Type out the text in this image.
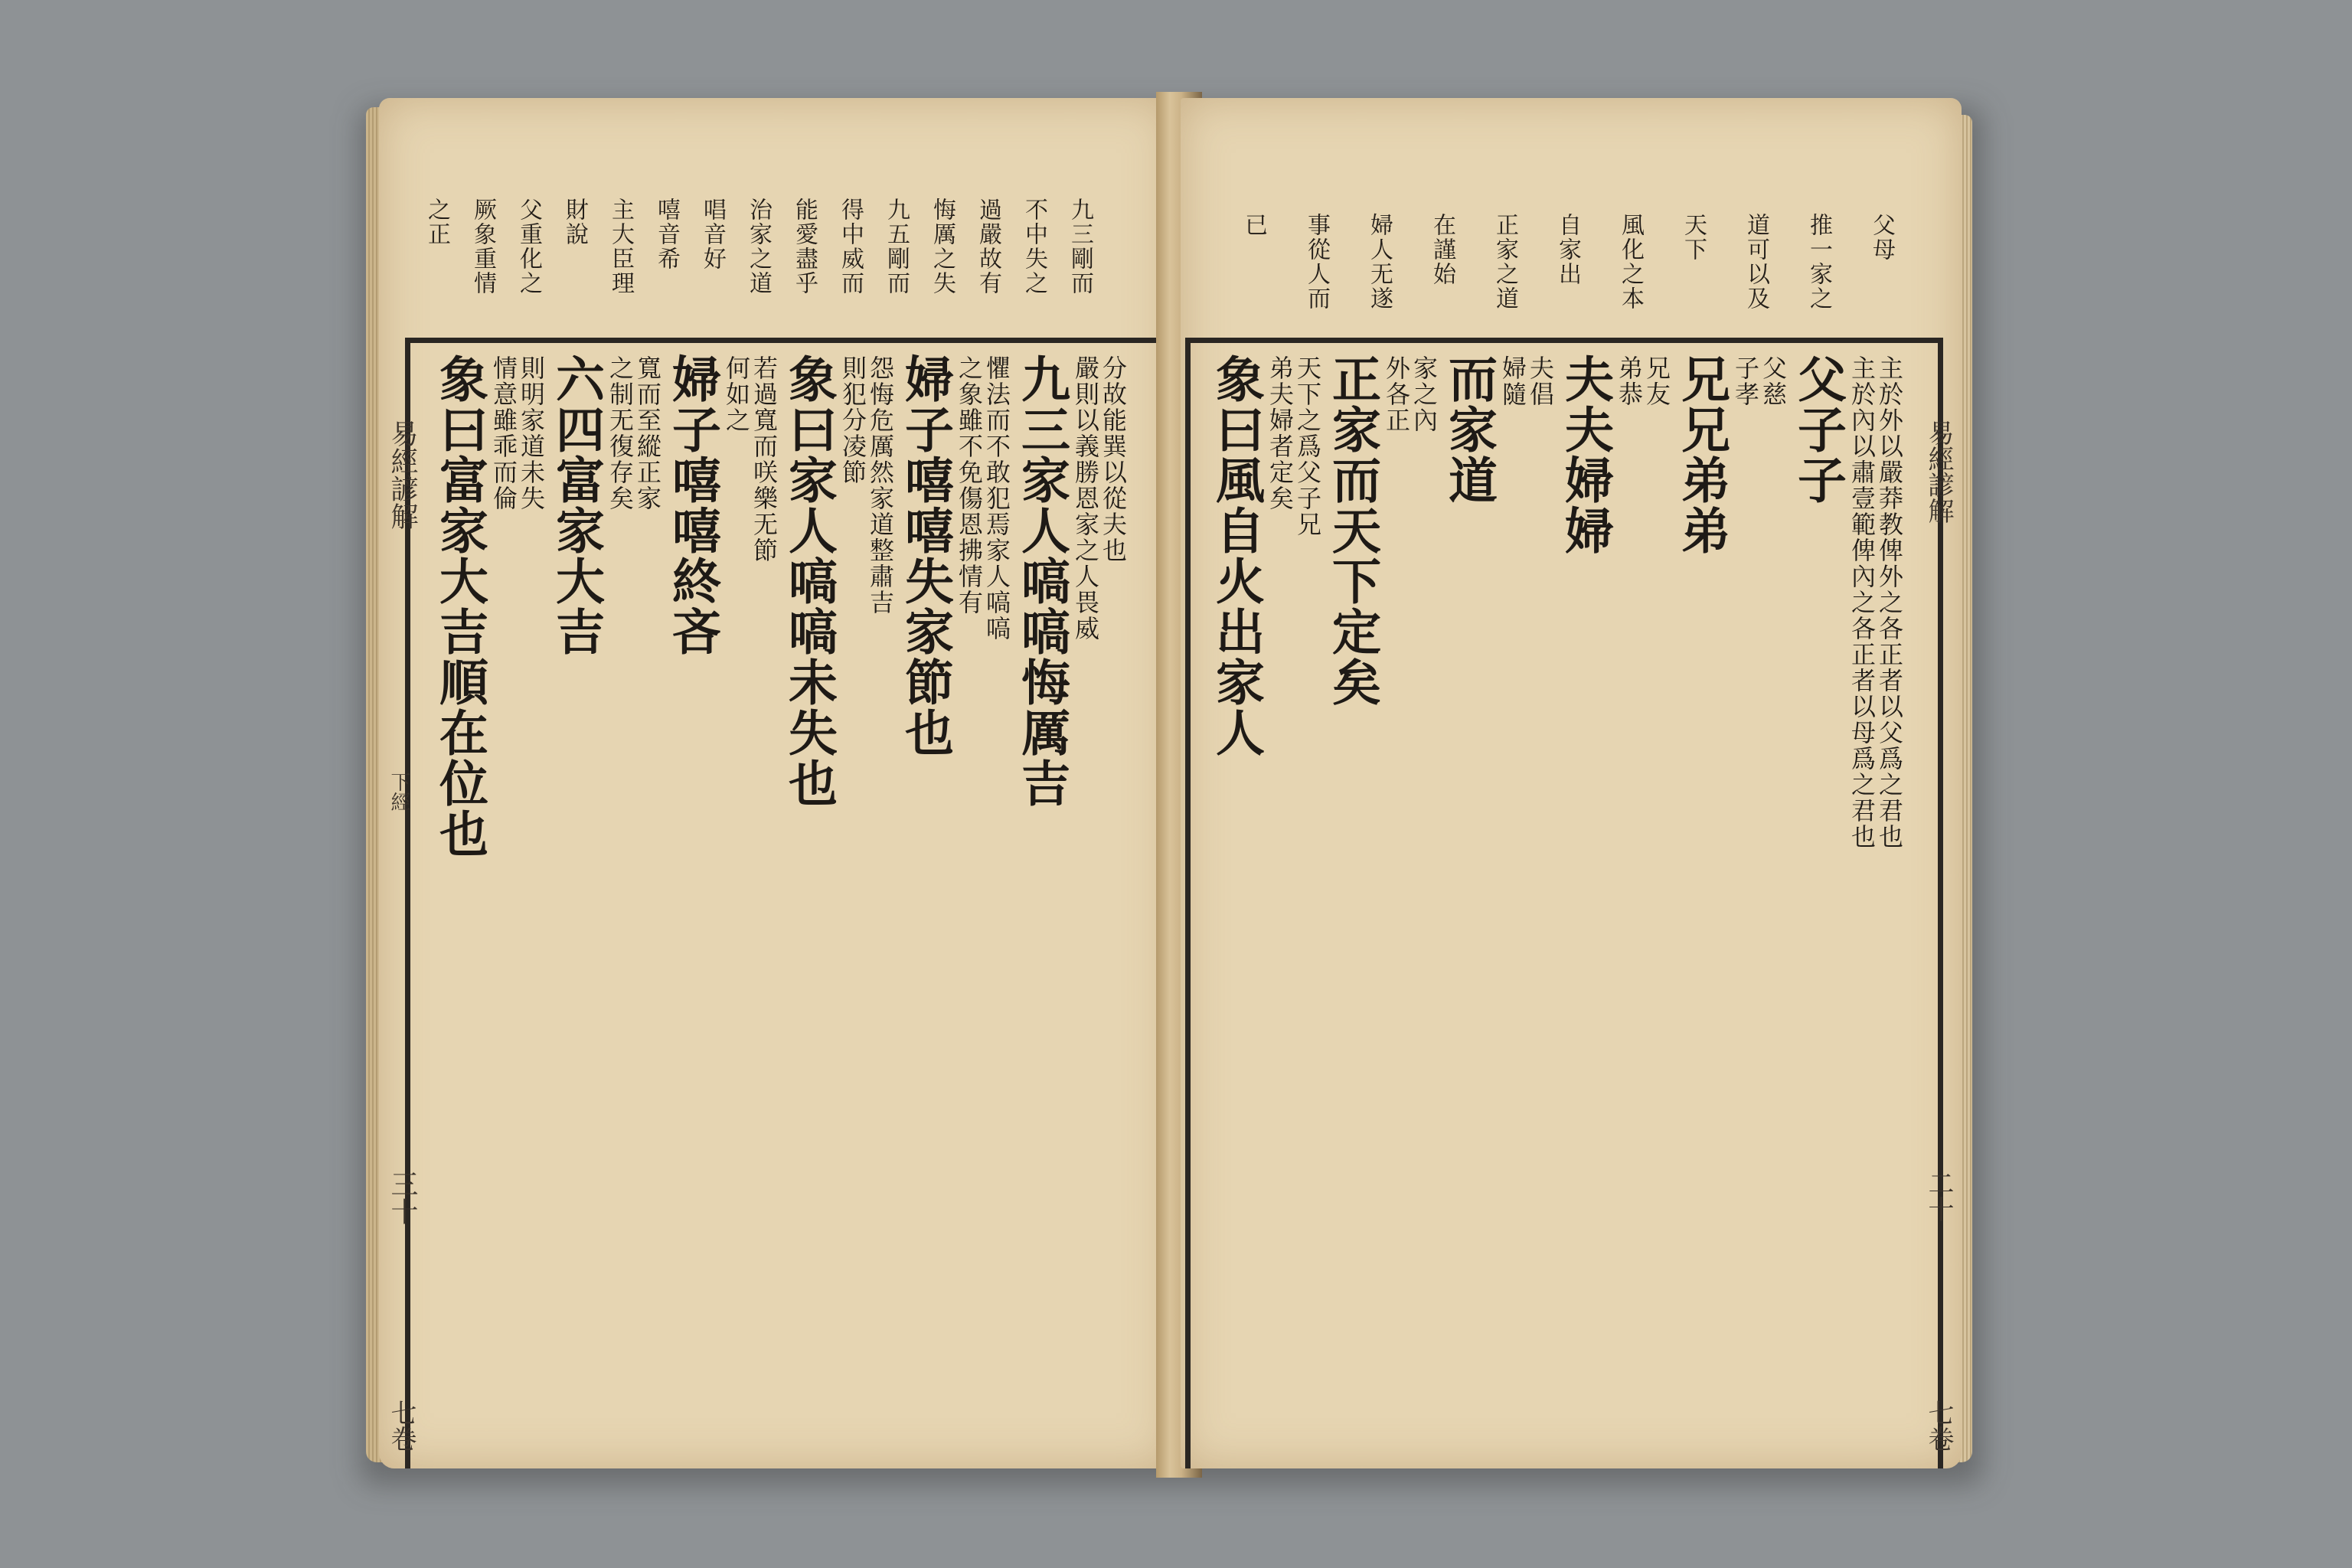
九三剛而
不中失之
過嚴故有
悔厲之失
九五剛而
得中威而
能愛盡乎
治家之道
唱音好
嘻音希
主大臣理
財說
父重化之
厥象重情
之正
分故能巽以從夫也
嚴則以義勝恩家之人畏威
九三家人嗃嗃悔厲吉
懼法而不敢犯焉家人嗃嗃
之象雖不免傷恩拂情有
婦子嘻嘻失家節也
怨悔危厲然家道整肅吉
則犯分凌節
象曰家人嗃嗃未失也
若過寬而咲樂无節
何如之
婦子嘻嘻終吝
寬而至縱正家
之制无復存矣
六四富家大吉
則明家道未失
情意雖乖而倫
象曰富家大吉順在位也
易經諺解
下經
三十
七卷
父母
推一家之
道可以及
天下
風化之本
自家出
正家之道
在謹始
婦人无遂
事從人而
已
主於外以嚴莽教俾外之各正者以父爲之君也
主於內以肅壹範俾內之各正者以母爲之君也
父子子
父慈
子孝
兄兄弟弟
兄友
弟恭
夫夫婦婦
夫倡
婦隨
而家道
家之內
外各正
正家而天下定矣
天下之爲父子兄
弟夫婦者定矣
象曰風自火出家人	易經諺解
二十
七卷
